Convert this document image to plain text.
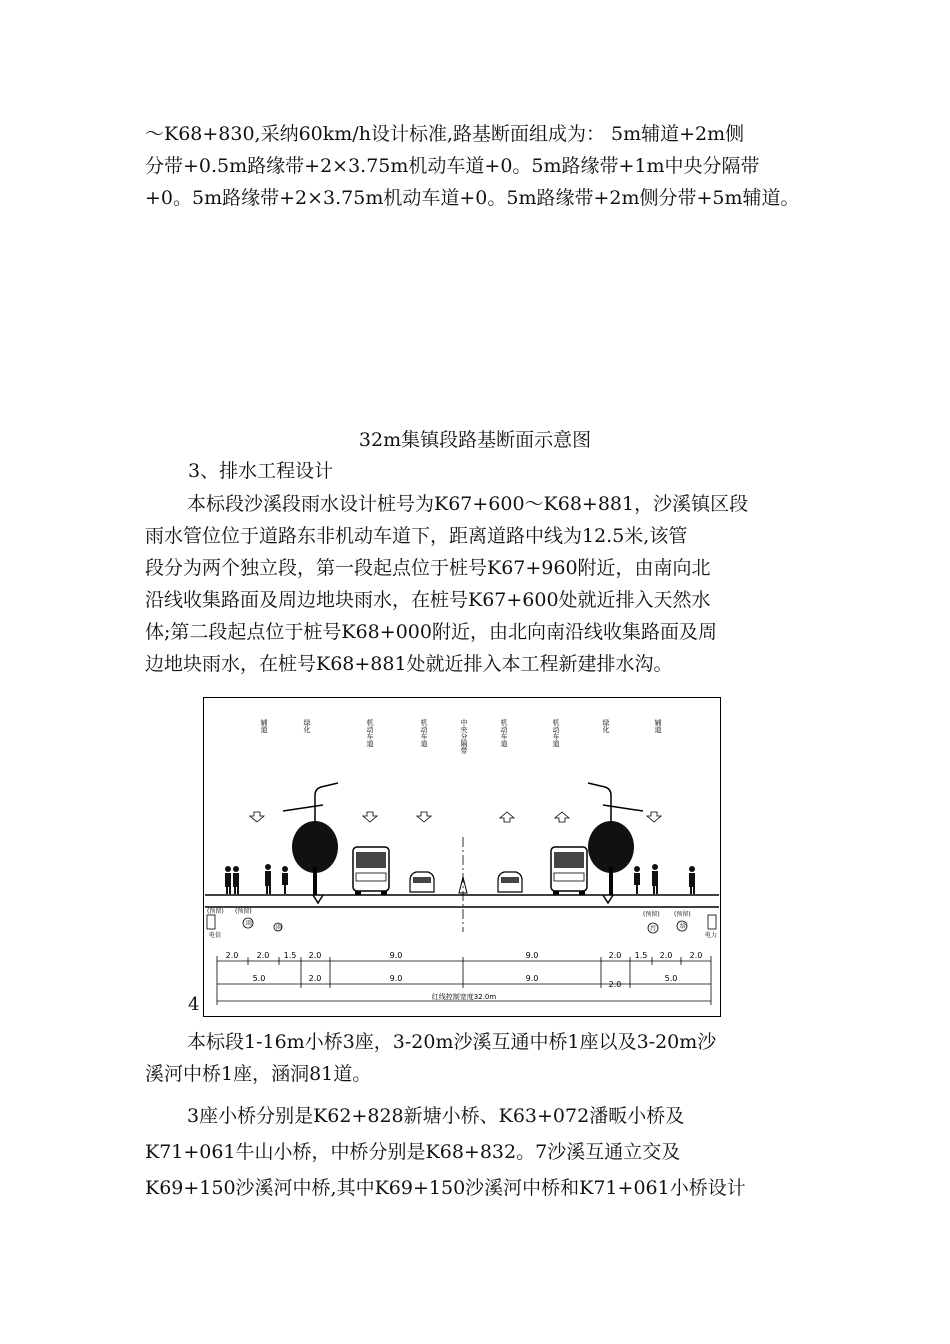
～K68+830,采纳60km/h设计标准,路基断面组成为： 5m辅道+2m侧
分带+0.5m路缘带+2×3.75m机动车道+0。5m路缘带+1m中央分隔带
+0。5m路缘带+2×3.75m机动车道+0。5m路缘带+2m侧分带+5m辅道。
32m集镇段路基断面示意图
3、排水工程设计
本标段沙溪段雨水设计桩号为K67+600～K68+881，沙溪镇区段
雨水管位位于道路东非机动车道下，距离道路中线为12.5米,该管
段分为两个独立段，第一段起点位于桩号K67+960附近，由南向北
沿线收集路面及周边地块雨水，在桩号K67+600处就近排入天然水
体;第二段起点位于桩号K68+000附近，由北向南沿线收集路面及周
边地块雨水，在桩号K68+881处就近排入本工程新建排水沟。
辅道	绿化	机动车道	机动车道	中央分隔带	机动车道	机动车道	绿化	辅道
(预留)
电信
(预留)
雨
雨
(预留)
污
(预留)
给
电力
2.0 2.0 1.5 2.0	9.0	9.0	2.0 1.5 2.0 2.0
5.0	2.0	9.0	9.0
2.0
5.0
红线控制宽度32.0m
4
本标段1-16m小桥3座，3-20m沙溪互通中桥1座以及3-20m沙
溪河中桥1座，涵洞81道。
3座小桥分别是K62+828新塘小桥、K63+072潘畈小桥及
K71+061牛山小桥，中桥分别是K68+832。7沙溪互通立交及
K69+150沙溪河中桥,其中K69+150沙溪河中桥和K71+061小桥设计
